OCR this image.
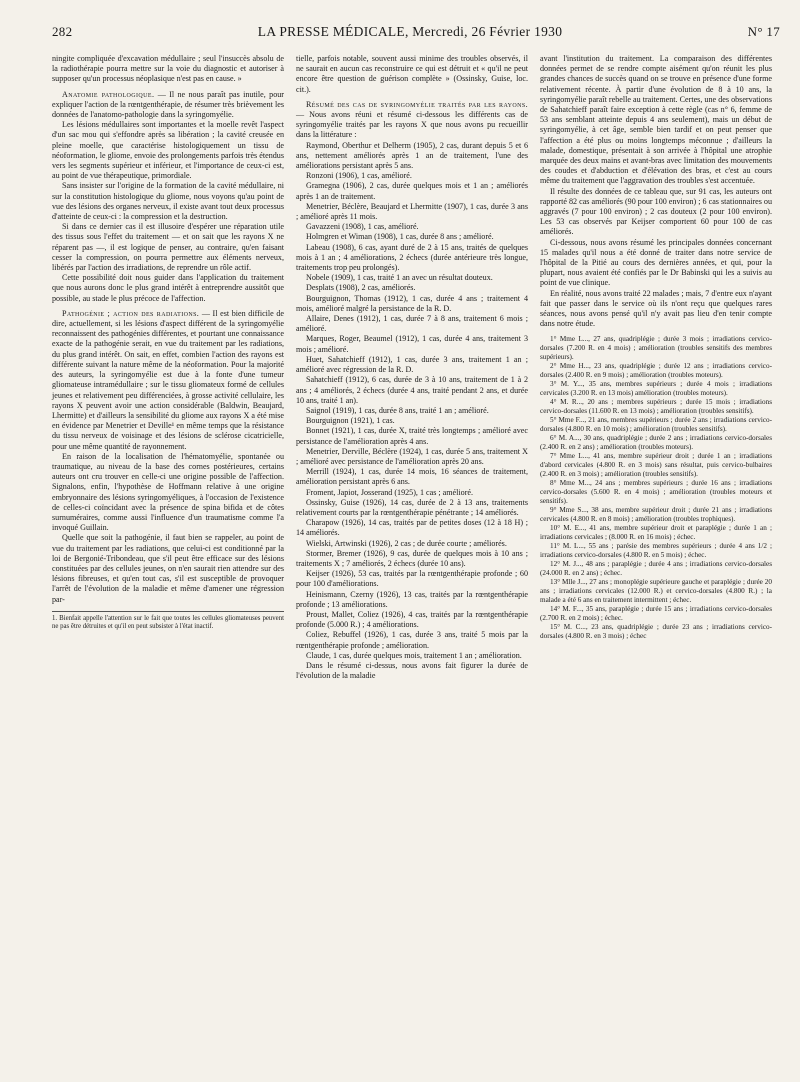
282	LA PRESSE MÉDICALE, Mercredi, 26 Février 1930	N° 17

ningite compliquée d'excavation médullaire ; seul l'insuccès absolu de la radiothérapie pourra mettre sur la voie du diagnostic et autoriser à supposer qu'un processus néoplasique n'est pas en cause. »

Anatomie pathologique. — Il ne nous paraît pas inutile, pour expliquer l'action de la rœntgenthérapie, de résumer très brièvement les données de l'anatomo-pathologie dans la syringomyélie.

Les lésions médullaires sont importantes et la moelle revêt l'aspect d'un sac mou qui s'effondre après sa libération ; la cavité creusée en pleine moelle, que caractérise histologiquement un tissu de néoformation, le gliome, envoie des prolongements parfois très étendus vers les segments supérieur et inférieur, et l'importance de ceux-ci est, au point de vue thérapeutique, primordiale.

Sans insister sur l'origine de la formation de la cavité médullaire, ni sur la constitution histologique du gliome, nous voyons qu'au point de vue des lésions des organes nerveux, il existe avant tout deux processus d'atteinte de ceux-ci : la compression et la destruction.

Si dans ce dernier cas il est illusoire d'espérer une réparation utile des tissus sous l'effet du traitement — et on sait que les rayons X ne réparent pas —, il est logique de penser, au contraire, qu'en faisant cesser la compression, on pourra permettre aux éléments nerveux, libérés par l'action des irradiations, de reprendre un rôle actif.

Cette possibilité doit nous guider dans l'application du traitement que nous aurons donc le plus grand intérêt à entreprendre aussitôt que possible, au stade le plus précoce de l'affection.

Pathogénie ; action des radiations. — Il est bien difficile de dire, actuellement, si les lésions d'aspect différent de la syringomyélie reconnaissent des pathogénies différentes, et pourtant une connaissance exacte de la pathogénie serait, en vue du traitement par les radiations, du plus grand intérêt. On sait, en effet, combien l'action des rayons est différente suivant la nature même de la néoformation. Pour la majorité des auteurs, la syringomyélie est due à la fonte d'une tumeur gliomateuse intramédullaire ; sur le tissu gliomateux formé de cellules jeunes et relativement peu différenciées, à grosse activité cellulaire, les rayons X peuvent avoir une action considérable (Baldwin, Beaujard, Lhermitte) et d'ailleurs la sensibilité du gliome aux rayons X a été mise en évidence par Menetrier et Deville¹ en même temps que la résistance du tissu nerveux de voisinage et des lésions de sclérose cicatricielle, pour une même quantité de rayonnement.

En raison de la localisation de l'hématomyélie, spontanée ou traumatique, au niveau de la base des cornes postérieures, certains auteurs ont cru trouver en celle-ci une origine possible de l'affection. Signalons, enfin, l'hypothèse de Hoffmann relative à une origine embryonnaire des lésions syringomyéliques, à l'occasion de l'existence de celles-ci coïncidant avec la présence de spina bifida et de côtes surnuméraires, comme aussi l'influence d'un traumatisme comme l'a invoqué Guillain.

Quelle que soit la pathogénie, il faut bien se rappeler, au point de vue du traitement par les radiations, que celui-ci est conditionné par la loi de Bergonié-Tribondeau, que s'il peut être efficace sur des lésions constituées par des cellules jeunes, on n'en saurait rien attendre sur des lésions fibreuses, et qu'en tout cas, s'il est susceptible de provoquer l'arrêt de l'évolution de la maladie et même d'amener une régression par-

1. Bienfait appelle l'attention sur le fait que toutes les cellules gliomateuses peuvent ne pas être détruites et qu'il en peut subsister à l'état inactif.

tielle, parfois notable, souvent aussi minime des troubles observés, il ne saurait en aucun cas reconstruire ce qui est détruit et « qu'il ne peut encore être question de guérison complète » (Ossinsky, Guise, loc. cit.).

Résumé des cas de syringomyélie traités par les rayons. — Nous avons réuni et résumé ci-dessous les différents cas de syringomyélie traités par les rayons X que nous avons pu recueillir dans la littérature :

Raymond, Oberthur et Delherm (1905), 2 cas, durant depuis 5 et 6 ans, nettement améliorés après 1 an de traitement, l'une des améliorations persistant après 5 ans.

Ronzoni (1906), 1 cas, amélioré.

Gramegna (1906), 2 cas, durée quelques mois et 1 an ; améliorés après 1 an de traitement.

Menetrier, Béclère, Beaujard et Lhermitte (1907), 1 cas, durée 3 ans ; amélioré après 11 mois.

Gavazzeni (1908), 1 cas, amélioré.

Holmgren et Wiman (1908), 1 cas, durée 8 ans ; amélioré.

Labeau (1908), 6 cas, ayant duré de 2 à 15 ans, traités de quelques mois à 1 an ; 4 améliorations, 2 échecs (durée antérieure très longue, traitements trop peu prolongés).

Nobele (1909), 1 cas, traité 1 an avec un résultat douteux.

Desplats (1908), 2 cas, améliorés.

Bourguignon, Thomas (1912), 1 cas, durée 4 ans ; traitement 4 mois, amélioré malgré la persistance de la R. D.

Allaire, Denes (1912), 1 cas, durée 7 à 8 ans, traitement 6 mois ; amélioré.

Marques, Roger, Beaumel (1912), 1 cas, durée 4 ans, traitement 3 mois ; amélioré.

Huet, Sahatchieff (1912), 1 cas, durée 3 ans, traitement 1 an ; amélioré avec régression de la R. D.

Sahatchieff (1912), 6 cas, durée de 3 à 10 ans, traitement de 1 à 2 ans ; 4 améliorés, 2 échecs (durée 4 ans, traité pendant 2 ans, et durée 10 ans, traité 1 an).

Saignol (1919), 1 cas, durée 8 ans, traité 1 an ; amélioré.

Bourguignon (1921), 1 cas.

Bonnet (1921), 1 cas, durée X, traité très longtemps ; amélioré avec persistance de l'amélioration après 4 ans.

Menetrier, Derville, Béclère (1924), 1 cas, durée 5 ans, traitement X ; amélioré avec persistance de l'amélioration après 20 ans.

Merrill (1924), 1 cas, durée 14 mois, 16 séances de traitement, amélioration persistant après 6 ans.

Froment, Japiot, Josserand (1925), 1 cas ; amélioré.

Ossinsky, Guise (1926), 14 cas, durée de 2 à 13 ans, traitements relativement courts par la rœntgenthérapie pénétrante ; 14 améliorés.

Charapow (1926), 14 cas, traités par de petites doses (12 à 18 H) ; 14 améliorés.

Wielski, Artwinski (1926), 2 cas ; de durée courte ; améliorés.

Stormer, Bremer (1926), 9 cas, durée de quelques mois à 10 ans ; traitements X ; 7 améliorés, 2 échecs (durée 10 ans).

Keijser (1926), 53 cas, traités par la rœntgenthérapie profonde ; 60 pour 100 d'améliorations.

Heinismann, Czerny (1926), 13 cas, traités par la rœntgenthérapie profonde ; 13 améliorations.

Proust, Mallet, Coliez (1926), 4 cas, traités par la rœntgenthérapie profonde (5.000 R.) ; 4 améliorations.

Coliez, Rebuffel (1926), 1 cas, durée 3 ans, traité 5 mois par la rœntgenthérapie profonde ; amélioration.

Claude, 1 cas, durée quelques mois, traitement 1 an ; amélioration.

Dans le résumé ci-dessus, nous avons fait figurer la durée de l'évolution de la maladie

avant l'institution du traitement. La comparaison des différentes données permet de se rendre compte aisément qu'on réunit les plus grandes chances de succès quand on se trouve en présence d'une forme relativement récente. À partir d'une évolution de 8 à 10 ans, la syringomyélie paraît rebelle au traitement. Certes, une des observations de Sahatchieff paraît faire exception à cette règle (cas n° 6, femme de 53 ans semblant atteinte depuis 4 ans seulement), mais un début de syringomyélie, à cet âge, semble bien tardif et on peut penser que l'affection a été plus ou moins longtemps méconnue ; d'ailleurs la malade, domestique, présentait à son arrivée à l'hôpital une atrophie marquée des deux mains et avant-bras avec limitation des mouvements des coudes et d'abduction et d'élévation des bras, et c'est au cours même du traitement que l'aggravation des troubles s'est accentuée.

Il résulte des données de ce tableau que, sur 91 cas, les auteurs ont rapporté 82 cas améliorés (90 pour 100 environ) ; 6 cas stationnaires ou aggravés (7 pour 100 environ) ; 2 cas douteux (2 pour 100 environ). Les 53 cas observés par Keijser comportent 60 pour 100 de cas améliorés.

Ci-dessous, nous avons résumé les principales données concernant 15 malades qu'il nous a été donné de traiter dans notre service de l'hôpital de la Pitié au cours des dernières années, et qui, pour la plupart, nous avaient été confiés par le Dr Babinski qui les a suivis au point de vue clinique.

En réalité, nous avons traité 22 malades ; mais, 7 d'entre eux n'ayant fait que passer dans le service où ils n'ont reçu que quelques rares séances, nous avons pensé qu'il n'y avait pas lieu d'en tenir compte dans notre étude.

1° Mme L..., 27 ans, quadriplégie ; durée 3 mois ; irradiations cervico-dorsales (7.200 R. en 4 mois) ; amélioration (troubles sensitifs des membres supérieurs).

2° Mme H..., 23 ans, quadriplégie ; durée 12 ans ; irradiations cervico-dorsales (2.400 R. en 9 mois) ; amélioration (troubles moteurs).

3° M. Y..., 35 ans, membres supérieurs ; durée 4 mois ; irradiations cervicales (3.200 R. en 13 mois) amélioration (troubles moteurs).

4° M. R..., 20 ans ; membres supérieurs ; durée 15 mois ; irradiations cervico-dorsales (11.600 R. en 13 mois) ; amélioration (troubles sensitifs).

5° Mme F..., 21 ans, membres supérieurs ; durée 2 ans ; irradiations cervico-dorsales (4.800 R. en 10 mois) ; amélioration (troubles sensitifs).

6° M. A..., 30 ans, quadriplégie ; durée 2 ans ; irradiations cervico-dorsales (2.400 R. en 2 ans) ; amélioration (troubles moteurs).

7° Mme L..., 41 ans, membre supérieur droit ; durée 1 an ; irradiations d'abord cervicales (4.800 R. en 3 mois) sans résultat, puis cervico-bulbaires (2.400 R. en 3 mois) ; amélioration (troubles sensitifs).

8° Mme M..., 24 ans ; membres supérieurs ; durée 16 ans ; irradiations cervico-dorsales (5.600 R. en 4 mois) ; amélioration (troubles moteurs et sensitifs).

9° Mme S..., 38 ans, membre supérieur droit ; durée 21 ans ; irradiations cervicales (4.800 R. en 8 mois) ; amélioration (troubles trophiques).

10° M. E..., 41 ans, membre supérieur droit et paraplégie ; durée 1 an ; irradiations cervicales ; (8.000 R. en 16 mois) ; échec.

11° M. L..., 55 ans ; parésie des membres supérieurs ; durée 4 ans 1/2 ; irradiations cervico-dorsales (4.800 R. en 5 mois) ; échec.

12° M. J..., 48 ans ; paraplégie ; durée 4 ans ; irradiations cervico-dorsales (24.000 R. en 2 ans) ; échec.

13° Mlle J..., 27 ans ; monoplégie supérieure gauche et paraplégie ; durée 20 ans ; irradiations cervicales (12.000 R.) et cervico-dorsales (4.800 R.) ; la malade a été 6 ans en traitement intermittent ; échec.

14° M. F..., 35 ans, paraplégie ; durée 15 ans ; irradiations cervico-dorsales (2.700 R. en 2 mois) ; échec.

15° M. C..., 23 ans, quadriplégie ; durée 23 ans ; irradiations cervico-dorsales (4.800 R. en 3 mois) ; échec
